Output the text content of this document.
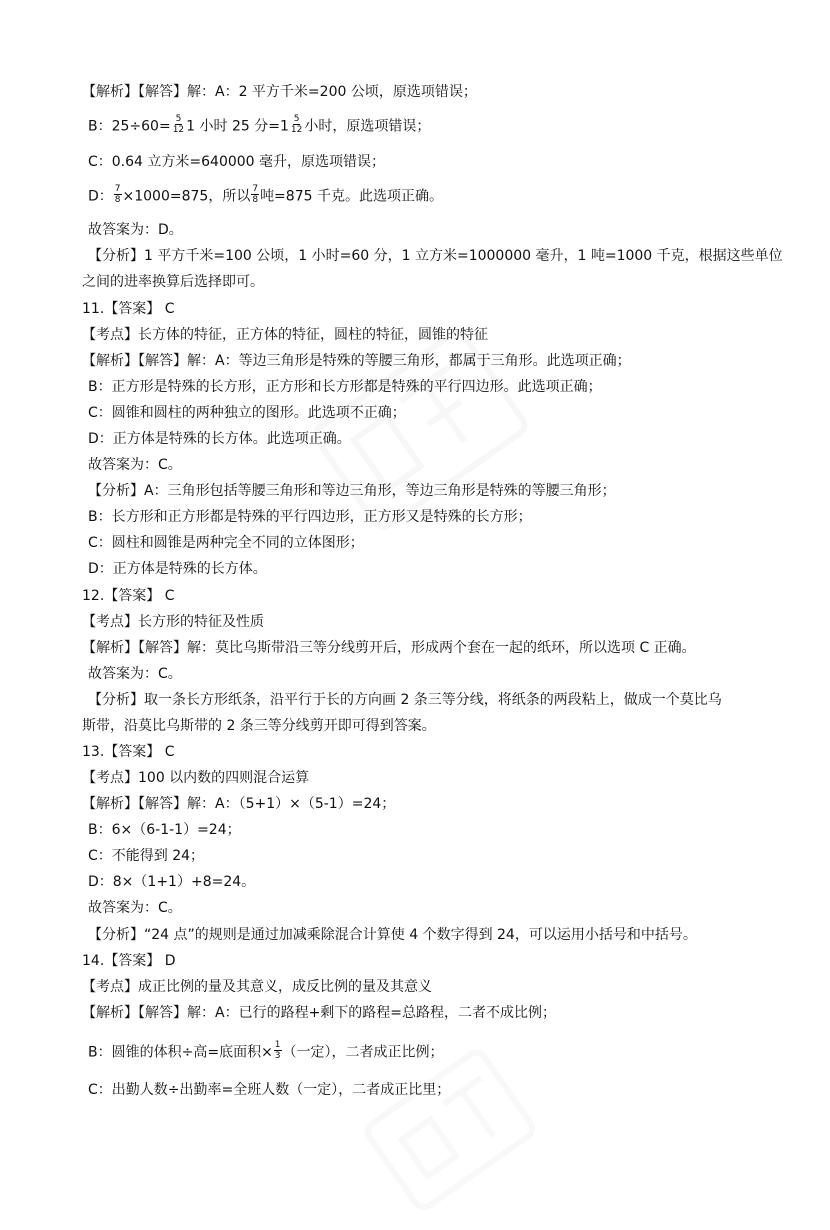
【解析】【解答】解：A：2 平方千米=200 公顷，原选项错误；
B：$25\div 60= \frac{5}{12} 1$ 小时 25 分$=1 \frac{5}{12}$ 小时，原选项错误；
C：0.64 立方米=640000 毫升，原选项错误；
D： $\frac{7}{8} \times 1000=875$，所以 $\frac{7}{8}$ 吨=875 千克。此选项正确。
故答案为：D。
【分析】1 平方千米=100 公顷，1 小时=60 分，1 立方米=1000000 毫升，1 吨=1000 千克，根据这些单位
之间的进率换算后选择即可。
11.【答案】 C
【考点】长方体的特征，正方体的特征，圆柱的特征，圆锥的特征
【解析】【解答】解：A：等边三角形是特殊的等腰三角形，都属于三角形。此选项正确；
B：正方形是特殊的长方形，正方形和长方形都是特殊的平行四边形。此选项正确；
C：圆锥和圆柱的两种独立的图形。此选项不正确；
D：正方体是特殊的长方体。此选项正确。
故答案为：C。
【分析】A：三角形包括等腰三角形和等边三角形，等边三角形是特殊的等腰三角形；
B：长方形和正方形都是特殊的平行四边形，正方形又是特殊的长方形；
C：圆柱和圆锥是两种完全不同的立体图形；
D：正方体是特殊的长方体。
12.【答案】 C
【考点】长方形的特征及性质
【解析】【解答】解：莫比乌斯带沿三等分线剪开后，形成两个套在一起的纸环，所以选项 C 正确。
故答案为：C。
【分析】取一条长方形纸条，沿平行于长的方向画 2 条三等分线，将纸条的两段粘上，做成一个莫比乌
斯带，沿莫比乌斯带的 2 条三等分线剪开即可得到答案。
13.【答案】 C
【考点】100 以内数的四则混合运算
【解析】【解答】解：A：（5+1）×（5-1）=24；
B：6×（6-1-1）=24；
C：不能得到 24；
D：8×（1+1）+8=24。
故答案为：C。
【分析】“24 点”的规则是通过加减乘除混合计算使 4 个数字得到 24，可以运用小括号和中括号。
14.【答案】 D
【考点】成正比例的量及其意义，成反比例的量及其意义
【解析】【解答】解：A：已行的路程+剩下的路程=总路程，二者不成比例；
B：圆锥的体积÷高=底面积× $\frac{1}{3}$ （一定），二者成正比例；
C：出勤人数÷出勤率=全班人数（一定），二者成正比里；
